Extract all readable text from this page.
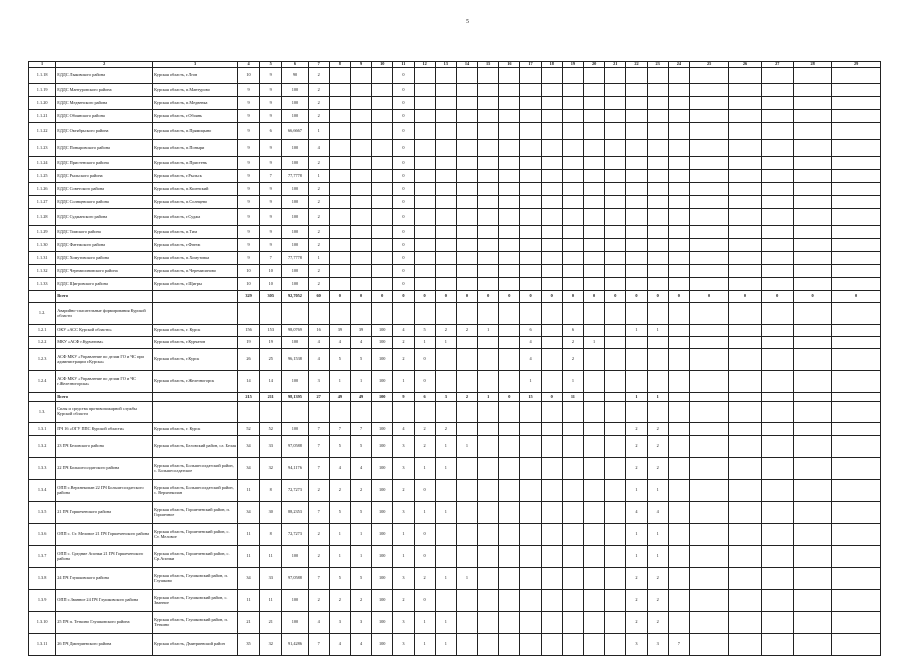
5
1	2	3	4	5	6	7	8	9	10	11	12	13	14	15	16	17	18	19	20	21	22	23	24	25	26	27	28	29
1.1.18	ЕДДС Лыковского района	Курская область, г.Лгов	10	9	90	2				0																		
1.1.19	ЕДДС Мантуровского района	Курская область, п.Мантурово	9	9	100	2				0																		
1.1.20	ЕДДС Медвенского района	Курская область, п.Медвенка	9	9	100	2				0																		
1.1.21	ЕДДС Обоянского района	Курская область, г.Обоянь	9	9	100	2				0																		
1.1.22	ЕДДС Октябрьского района	Курская область, п.Прямицыно	9	6	66,6667	1				0																		
1.1.23	ЕДДС Поныровского района	Курская область, п.Поныри	9	9	100	4				0																		
1.1.24	ЕДДС Пристенского района	Курская область, п.Пристень	9	9	100	2				0																		
1.1.25	ЕДДС Рыльского района	Курская область, г.Рыльск	9	7	77,7778	1				0																		
1.1.26	ЕДДС Советского района	Курская область, п.Кшенский	9	9	100	2				0																		
1.1.27	ЕДДС Солнцевского района	Курская область, п.Солнцево	9	9	100	2				0																		
1.1.28	ЕДДС Суджанского района	Курская область, г.Суджа	9	9	100	2				0																		
1.1.29	ЕДДС Тимского района	Курская область, п.Тим	9	9	100	2				0																		
1.1.30	ЕДДС Фатежского района	Курская область, г.Фатеж	9	9	100	2				0																		
1.1.31	ЕДДС Хомутовского района	Курская область, п.Хомутовка	9	7	77,7778	1				0																		
1.1.32	ЕДДС Черемисиновского района	Курская область, п.Черемисиново	10	10	100	2				0																		
1.1.33	ЕДДС Щигровского района	Курская область, г.Щигры	10	10	100	2				0																		
	Всего		329	305	92,7052	60	0	0	0	0	0	0	0	0	0	0	0	0	0	0	0	0	0	0	0	0	0	0
1.2.	Аварийно-спасательные формирования Курской области																											
1.2.1	ОКУ «АСС Курской области»	Курская область, г. Курск	156	153	98,0769	16	39	39	100	4	5	2	2	1		6		6			1	1						
1.2.2	МКУ «АСФ г.Курчатова»	Курская область, г.Курчатов	19	19	100	4	4	4	100	2	1	1				4		2	1									
1.2.3	АСФ МКУ «Управление по делам ГО и ЧС при администрации г.Курска»	Курская область, г.Курск	26	25	96,1538	4	5	5	100	2	0					4		2										
1.2.4	АСФ МКУ «Управление по делам ГО и ЧС г.Железногорска»	Курская область, г.Железногорск	14	14	100	3	1	1	100	1	0					1		1										
	Всего		215	211	98,1395	27	49	49	100	9	6	3	2	1	0	15	0	11			1	1						
1.3.	Силы и средства противопожарной службы Курской области																											
1.3.1	ПЧ 16 «ОГУ ППС Курской области»	Курская область, г. Курск	52	52	100	7	7	7	100	4	2	2									2	2						
1.3.2	23 ПЧ Беловского района	Курская область, Беловский район, сл. Белая	34	33	97,0588	7	5	5	100	3	2	1	1								2	2						
1.3.3	22 ПЧ Большесолдатского района	Курская область, Большесолдатский район, с. Большесолдатское	34	32	94,1176	7	4	4	100	3	1	1									2	2						
1.3.4	ОПП с.Верхнекопан 22 ПЧ Большесолдатского района	Курская область, Большесолдатский район, с. Верхнекопан	11	8	72,7273	2	2	2	100	2	0										1	1						
1.3.5	21 ПЧ Горшеченского района	Курская область, Горшеченский район, п. Горшечное	34	30	88,2353	7	5	5	100	3	1	1									4	4						
1.3.6	ОПП с. Ст. Меловое 21 ПЧ Горшеченского района	Курская область, Горшеченский район, с. Ст. Меловое	11	8	72,7273	2	1	1	100	1	0										1	1						
1.3.7	ОПП с. Средние Апочки 21 ПЧ Горшеченского района	Курская область, Горшеченский район, с. Ср.Апочки	11	11	100	2	1	1	100	1	0										1	1						
1.3.8	24 ПЧ Глушковского района	Курская область, Глушковский район, п. Глушково	34	33	97,0588	7	5	5	100	3	2	1	1								2	2						
1.3.9	ОПП с.Званное 24 ПЧ Глушковского района	Курская область, Глушковский район, с. Званное	11	11	100	2	2	2	100	2	0										2	2						
1.3.10	25 ПЧ п. Теткино Глушковского района	Курская область, Глушковский район, п. Теткино	21	21	100	4	3	3	100	3	1	1									2	2						
1.3.11	26 ПЧ Дмитриевского района	Курская область, Дмитриевский район	35	32	91,4286	7	4	4	100	3	1	1									3	3	7					
